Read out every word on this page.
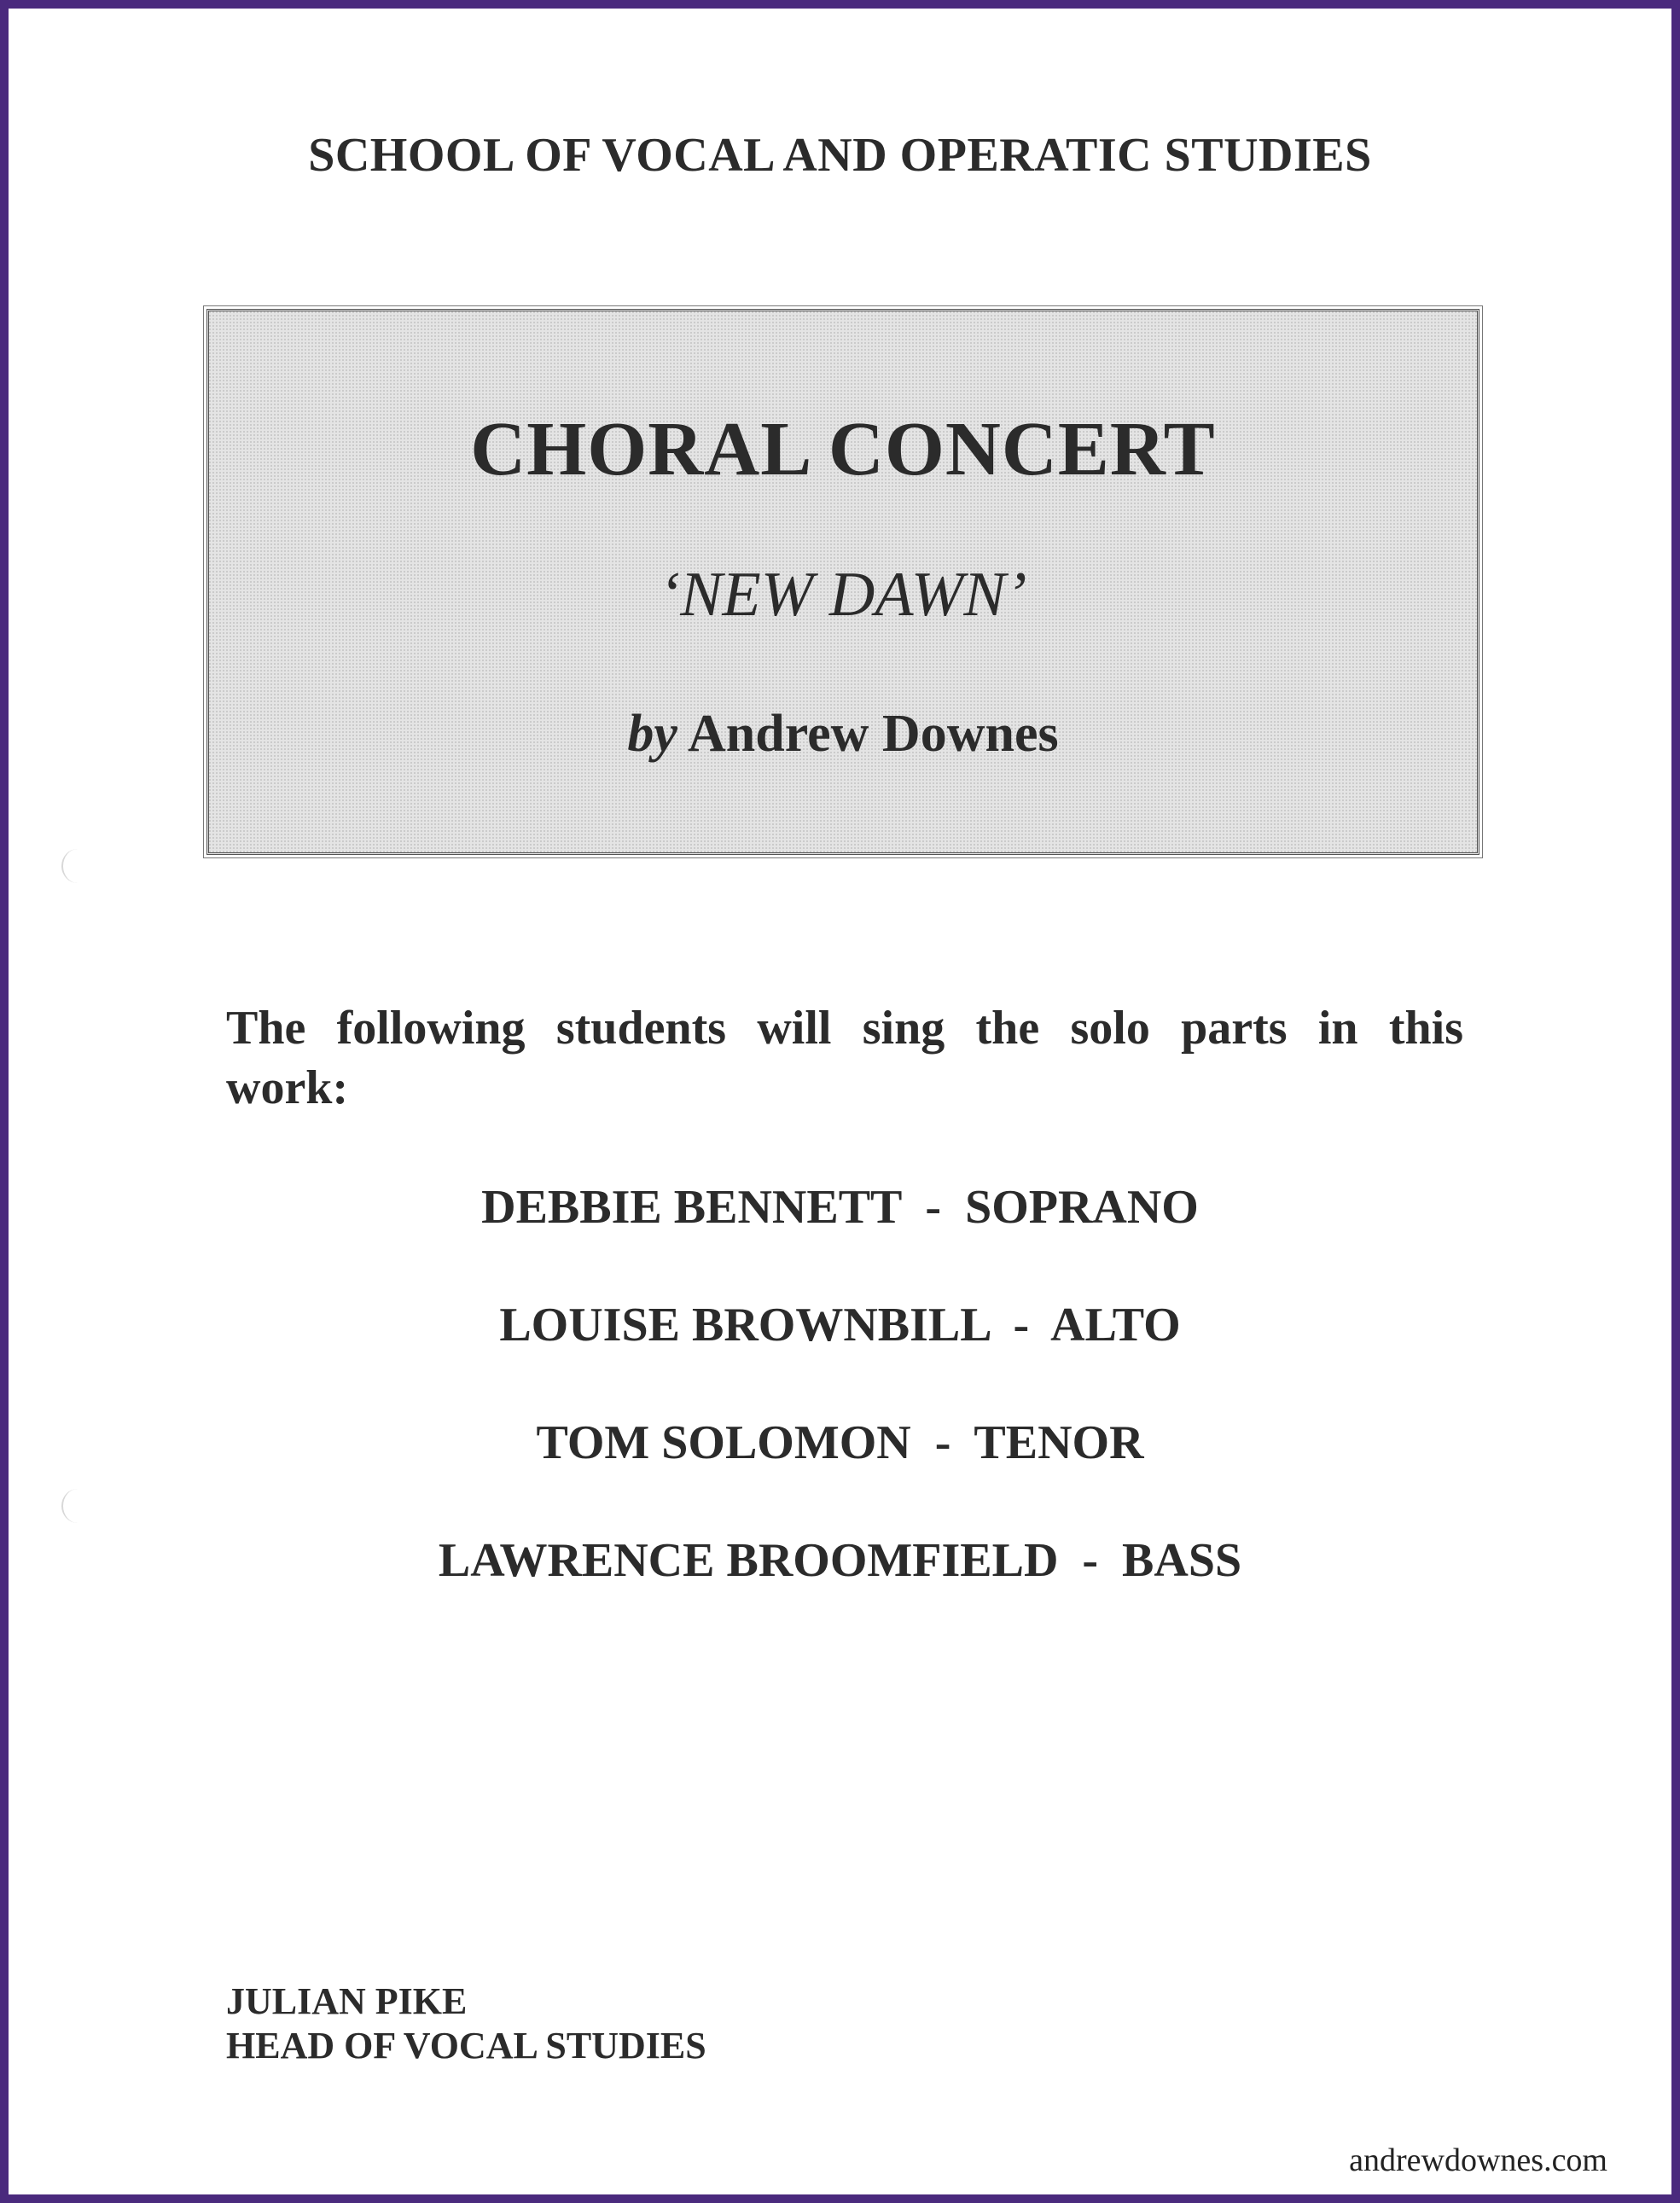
SCHOOL OF VOCAL AND OPERATIC STUDIES
CHORAL CONCERT
‘NEW DAWN’
by Andrew Downes
The following students will sing the solo parts in this work:
DEBBIE BENNETT  -  SOPRANO
LOUISE BROWNBILL  -  ALTO
TOM SOLOMON  -  TENOR
LAWRENCE BROOMFIELD  -  BASS
JULIAN PIKE
HEAD OF VOCAL STUDIES
andrewdownes.com
